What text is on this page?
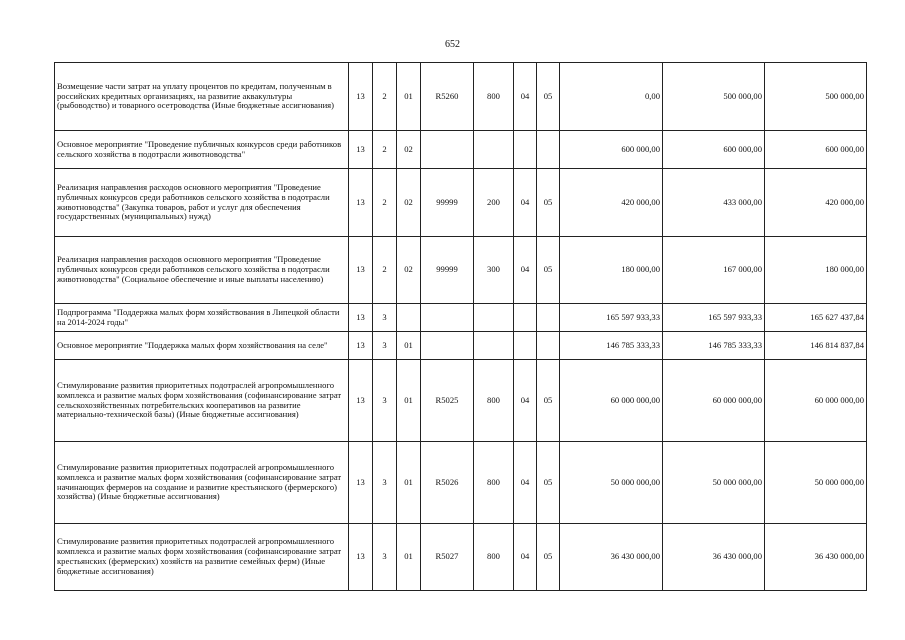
652
Возмещение части затрат на уплату процентов по кредитам, полученным в российских кредитных организациях, на развитие аквакультуры (рыбоводство) и товарного осетроводства (Иные бюджетные ассигнования)	13	2	01	R5260	800	04	05	0,00	500 000,00	500 000,00
Основное мероприятие "Проведение публичных конкурсов среди работников сельского хозяйства в подотрасли животноводства"	13	2	02					600 000,00	600 000,00	600 000,00
Реализация направления расходов основного мероприятия "Проведение публичных конкурсов среди работников сельского хозяйства в подотрасли животноводства" (Закупка товаров, работ и услуг для обеспечения государственных (муниципальных) нужд)	13	2	02	99999	200	04	05	420 000,00	433 000,00	420 000,00
Реализация направления расходов основного мероприятия "Проведение публичных конкурсов среди работников сельского хозяйства в подотрасли животноводства" (Социальное обеспечение и иные выплаты населению)	13	2	02	99999	300	04	05	180 000,00	167 000,00	180 000,00
Подпрограмма "Поддержка малых форм хозяйствования в Липецкой области на 2014-2024 годы"	13	3						165 597 933,33	165 597 933,33	165 627 437,84
Основное мероприятие "Поддержка малых форм хозяйствования на селе"	13	3	01					146 785 333,33	146 785 333,33	146 814 837,84
Стимулирование развития приоритетных подотраслей агропромышленного комплекса и развитие малых форм хозяйствования (софинансирование затрат сельскохозяйственных потребительских кооперативов на развитие материально-технической базы) (Иные бюджетные ассигнования)	13	3	01	R5025	800	04	05	60 000 000,00	60 000 000,00	60 000 000,00
Стимулирование развития приоритетных подотраслей агропромышленного комплекса и развитие малых форм хозяйствования (софинансирование затрат начинающих фермеров на создание и развитие крестьянского (фермерского) хозяйства) (Иные бюджетные ассигнования)	13	3	01	R5026	800	04	05	50 000 000,00	50 000 000,00	50 000 000,00
Стимулирование развития приоритетных подотраслей агропромышленного комплекса и развитие малых форм хозяйствования (софинансирование затрат крестьянских (фермерских) хозяйств на развитие семейных ферм) (Иные бюджетные ассигнования)	13	3	01	R5027	800	04	05	36 430 000,00	36 430 000,00	36 430 000,00
